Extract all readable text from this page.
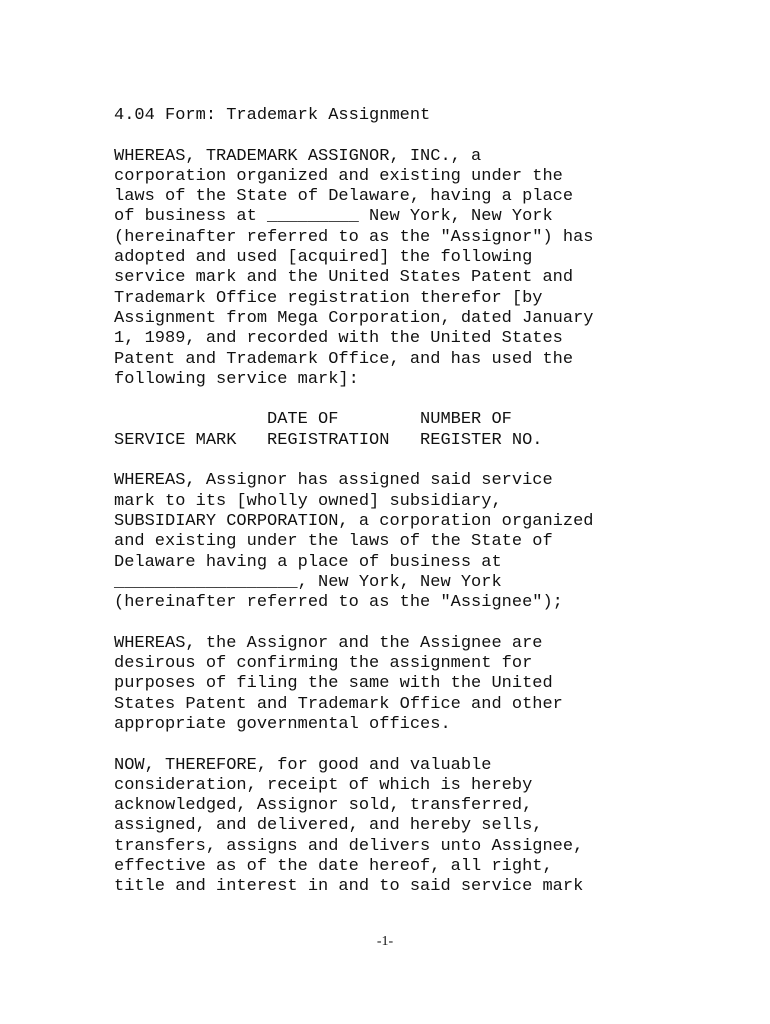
4.04 Form: Trademark Assignment
WHEREAS, TRADEMARK ASSIGNOR, INC., a
corporation organized and existing under the
laws of the State of Delaware, having a place
of business at _________ New York, New York
(hereinafter referred to as the "Assignor") has
adopted and used [acquired] the following
service mark and the United States Patent and
Trademark Office registration therefor [by
Assignment from Mega Corporation, dated January
1, 1989, and recorded with the United States
Patent and Trademark Office, and has used the
following service mark]:
DATE OF        NUMBER OF
SERVICE MARK   REGISTRATION   REGISTER NO.
WHEREAS, Assignor has assigned said service
mark to its [wholly owned] subsidiary,
SUBSIDIARY CORPORATION, a corporation organized
and existing under the laws of the State of
Delaware having a place of business at
__________________, New York, New York
(hereinafter referred to as the "Assignee");
WHEREAS, the Assignor and the Assignee are
desirous of confirming the assignment for
purposes of filing the same with the United
States Patent and Trademark Office and other
appropriate governmental offices.
NOW, THEREFORE, for good and valuable
consideration, receipt of which is hereby
acknowledged, Assignor sold, transferred,
assigned, and delivered, and hereby sells,
transfers, assigns and delivers unto Assignee,
effective as of the date hereof, all right,
title and interest in and to said service mark
-1-
